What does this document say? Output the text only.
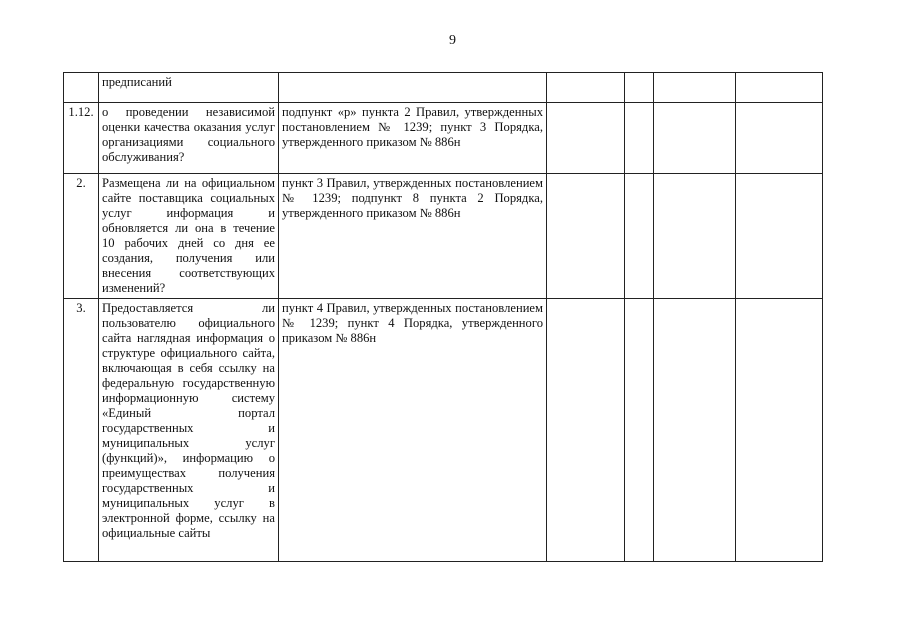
9
	предписаний					
1.12.	о проведении независимой оценки качества оказания услуг организациями социального обслуживания?	подпункт «р» пункта 2 Правил, утвержденных постановлением № 1239; пункт 3 Порядка, утвержденного приказом № 886н				
2.	Размещена ли на официальном сайте поставщика социальных услуг информация и обновляется ли она в течение 10 рабочих дней со дня ее создания, получения или внесения соответствующих изменений?	пункт 3 Правил, утвержденных постановлением № 1239; подпункт 8 пункта 2 Порядка, утвержденного приказом № 886н				
3.	Предоставляется ли пользователю официального сайта наглядная информация о структуре официального сайта, включающая в себя ссылку на федеральную государственную информационную систему «Единый портал государственных и муниципальных услуг (функций)», информацию о преимуществах получения государственных и муниципальных услуг в электронной форме, ссылку на официальные сайты	пункт 4 Правил, утвержденных постановлением № 1239; пункт 4 Порядка, утвержденного приказом № 886н				
